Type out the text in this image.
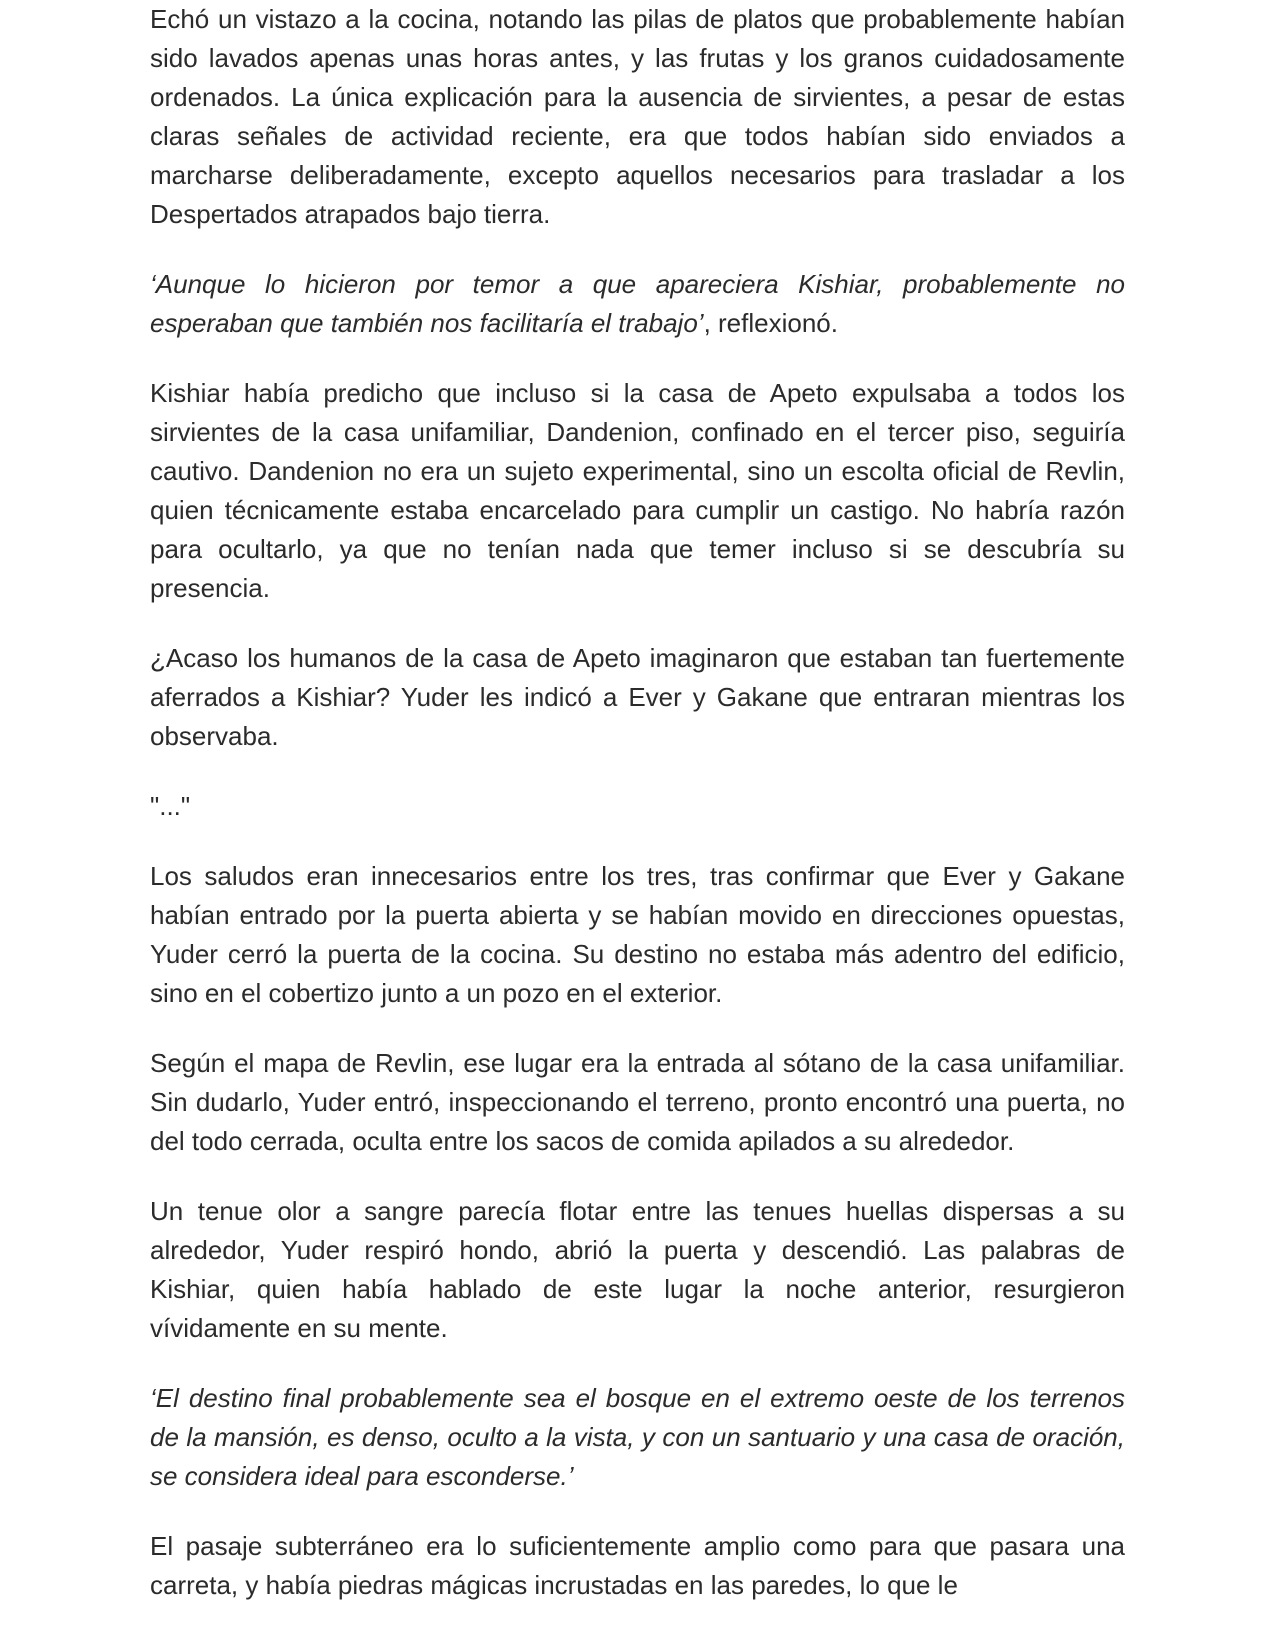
Echó un vistazo a la cocina, notando las pilas de platos que probablemente habían sido lavados apenas unas horas antes, y las frutas y los granos cuidadosamente ordenados. La única explicación para la ausencia de sirvientes, a pesar de estas claras señales de actividad reciente, era que todos habían sido enviados a marcharse deliberadamente, excepto aquellos necesarios para trasladar a los Despertados atrapados bajo tierra.

‘Aunque lo hicieron por temor a que apareciera Kishiar, probablemente no esperaban que también nos facilitaría el trabajo’, reflexionó.

Kishiar había predicho que incluso si la casa de Apeto expulsaba a todos los sirvientes de la casa unifamiliar, Dandenion, confinado en el tercer piso, seguiría cautivo. Dandenion no era un sujeto experimental, sino un escolta oficial de Revlin, quien técnicamente estaba encarcelado para cumplir un castigo. No habría razón para ocultarlo, ya que no tenían nada que temer incluso si se descubría su presencia.

¿Acaso los humanos de la casa de Apeto imaginaron que estaban tan fuertemente aferrados a Kishiar? Yuder les indicó a Ever y Gakane que entraran mientras los observaba.

"..."

Los saludos eran innecesarios entre los tres, tras confirmar que Ever y Gakane habían entrado por la puerta abierta y se habían movido en direcciones opuestas, Yuder cerró la puerta de la cocina. Su destino no estaba más adentro del edificio, sino en el cobertizo junto a un pozo en el exterior.

Según el mapa de Revlin, ese lugar era la entrada al sótano de la casa unifamiliar. Sin dudarlo, Yuder entró, inspeccionando el terreno, pronto encontró una puerta, no del todo cerrada, oculta entre los sacos de comida apilados a su alrededor.

Un tenue olor a sangre parecía flotar entre las tenues huellas dispersas a su alrededor, Yuder respiró hondo, abrió la puerta y descendió. Las palabras de Kishiar, quien había hablado de este lugar la noche anterior, resurgieron vívidamente en su mente.

‘El destino final probablemente sea el bosque en el extremo oeste de los terrenos de la mansión, es denso, oculto a la vista, y con un santuario y una casa de oración, se considera ideal para esconderse.’

El pasaje subterráneo era lo suficientemente amplio como para que pasara una carreta, y había piedras mágicas incrustadas en las paredes, lo que le
